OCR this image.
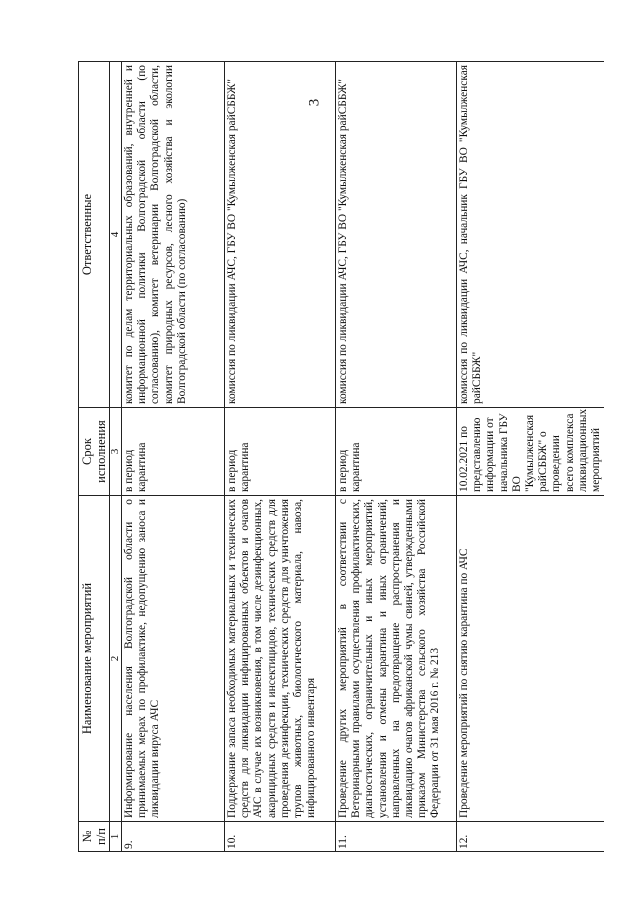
3
№ п/п	Наименование мероприятий	Срок исполнения	Ответственные
1	2	3	4
9.	Информирование населения Волгоградской области о принимаемых мерах по профилактике, недопущению заноса и ликвидации вируса АЧС	в период карантина	комитет по делам территориальных образований, внутренней и информационной политики Волгоградской области (по согласованию), комитет ветеринарии Волгоградской области, комитет природных ресурсов, лесного хозяйства и экологии Волгоградской области (по согласованию)
10.	Поддержание запаса необходимых материальных и технических средств для ликвидации инфицированных объектов и очагов АЧС в случае их возникновения, в том числе дезинфекционных, акарицидных средств и инсектицидов, технических средств для проведения дезинфекции, технических средств для уничтожения трупов животных, биологического материала, навоза, инфицированного инвентаря	в период карантина	комиссия по ликвидации АЧС, ГБУ ВО "Кумылженская райСББЖ"
11.	Проведение других мероприятий в соответствии с Ветеринарными правилами осуществления профилактических, диагностических, ограничительных и иных мероприятий, установления и отмены карантина и иных ограничений, направленных на предотвращение распространения и ликвидацию очагов африканской чумы свиней, утвержденными приказом Министерства сельского хозяйства Российской Федерации от 31 мая 2016 г. № 213	в период карантина	комиссия по ликвидации АЧС, ГБУ ВО "Кумылженская райСББЖ"
12.	Проведение мероприятий по снятию карантина по АЧС	10.02.2021 по представлению информации от начальника ГБУ ВО "Кумылженская райСББЖ" о проведении всего комплекса ликвидационных мероприятий	комиссия по ликвидации АЧС, начальник ГБУ ВО "Кумылженская райСББЖ"
